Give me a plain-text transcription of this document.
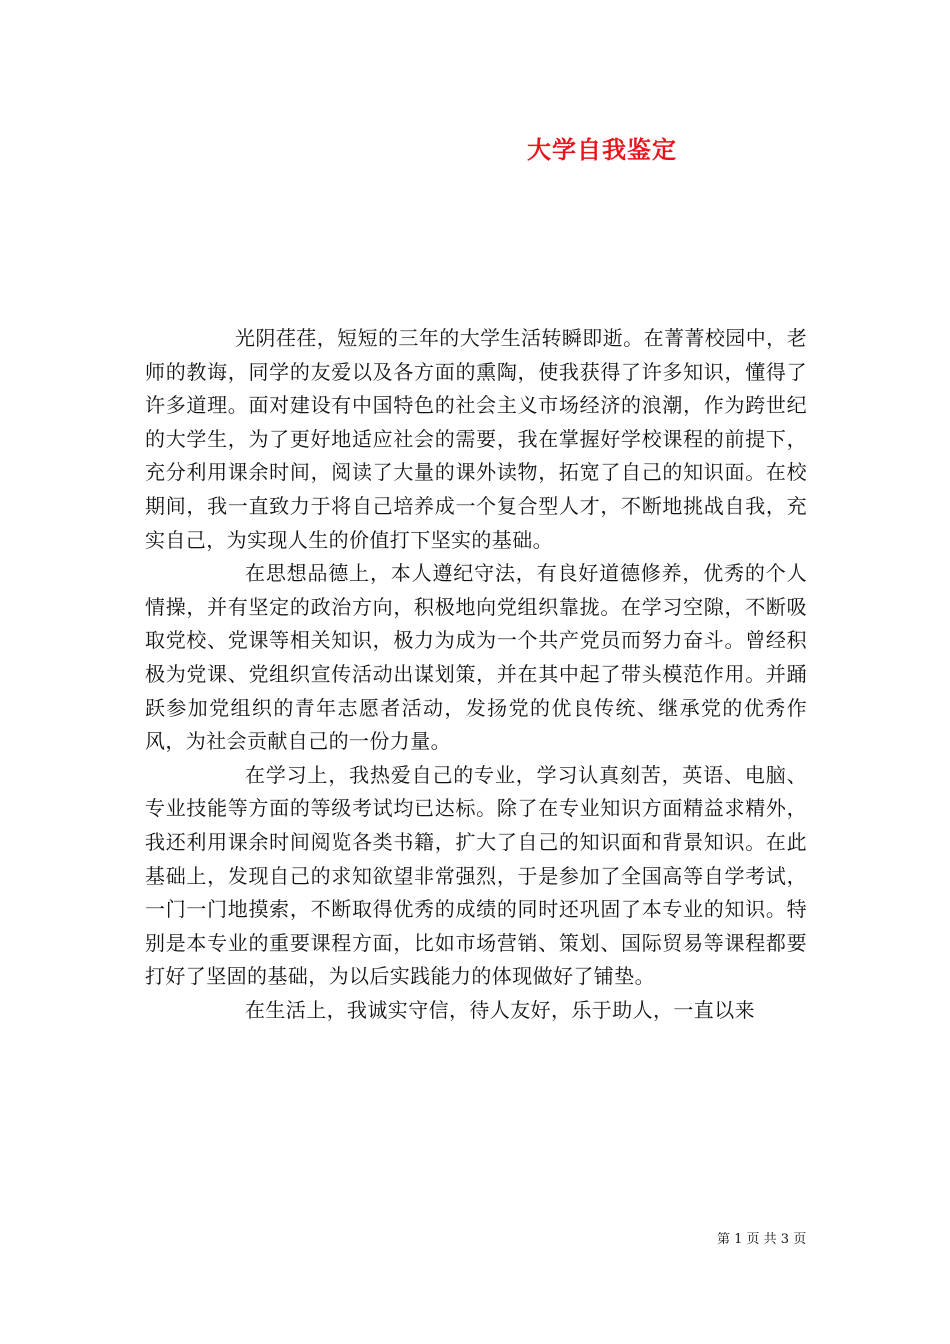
大学自我鉴定

光阴荏荏，短短的三年的大学生活转瞬即逝。在菁菁校园中，老师的教诲，同学的友爱以及各方面的熏陶，使我获得了许多知识，懂得了许多道理。面对建设有中国特色的社会主义市场经济的浪潮，作为跨世纪的大学生，为了更好地适应社会的需要，我在掌握好学校课程的前提下，充分利用课余时间，阅读了大量的课外读物，拓宽了自己的知识面。在校期间，我一直致力于将自己培养成一个复合型人才，不断地挑战自我，充实自己，为实现人生的价值打下坚实的基础。

在思想品德上，本人遵纪守法，有良好道德修养，优秀的个人情操，并有坚定的政治方向，积极地向党组织靠拢。在学习空隙，不断吸取党校、党课等相关知识，极力为成为一个共产党员而努力奋斗。曾经积极为党课、党组织宣传活动出谋划策，并在其中起了带头模范作用。并踊跃参加党组织的青年志愿者活动，发扬党的优良传统、继承党的优秀作风，为社会贡献自己的一份力量。

在学习上，我热爱自己的专业，学习认真刻苦，英语、电脑、专业技能等方面的等级考试均已达标。除了在专业知识方面精益求精外，我还利用课余时间阅览各类书籍，扩大了自己的知识面和背景知识。在此基础上，发现自己的求知欲望非常强烈，于是参加了全国高等自学考试，一门一门地摸索，不断取得优秀的成绩的同时还巩固了本专业的知识。特别是本专业的重要课程方面，比如市场营销、策划、国际贸易等课程都要打好了坚固的基础，为以后实践能力的体现做好了铺垫。

在生活上，我诚实守信，待人友好，乐于助人，一直以来

第 1 页 共 3 页
